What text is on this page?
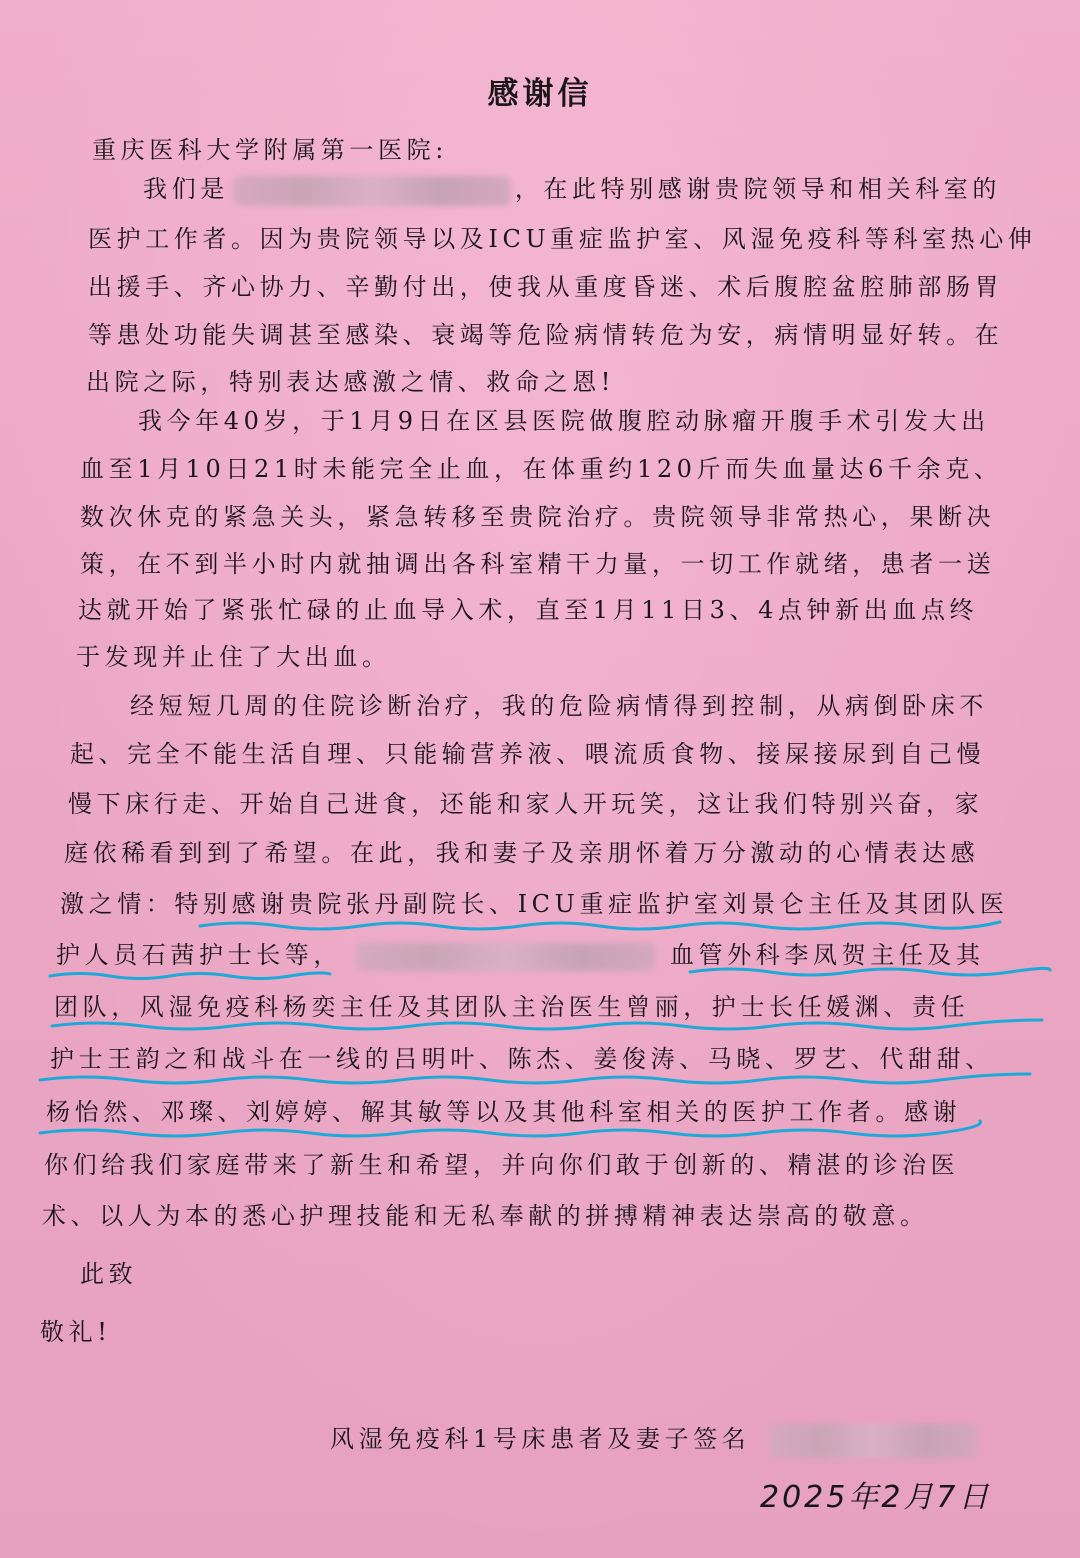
感谢信
重庆医科大学附属第一医院:
我们是	，在此特别感谢贵院领导和相关科室的
医护工作者。因为贵院领导以及ICU重症监护室、风湿免疫科等科室热心伸
出援手、齐心协力、辛勤付出，使我从重度昏迷、术后腹腔盆腔肺部肠胃
等患处功能失调甚至感染、衰竭等危险病情转危为安，病情明显好转。在
出院之际，特别表达感激之情、救命之恩!
我今年40岁，于1月9日在区县医院做腹腔动脉瘤开腹手术引发大出
血至1月10日21时未能完全止血，在体重约120斤而失血量达6千余克、
数次休克的紧急关头，紧急转移至贵院治疗。贵院领导非常热心，果断决
策，在不到半小时内就抽调出各科室精干力量，一切工作就绪，患者一送
达就开始了紧张忙碌的止血导入术，直至1月11日3、4点钟新出血点终
于发现并止住了大出血。
经短短几周的住院诊断治疗，我的危险病情得到控制，从病倒卧床不
起、完全不能生活自理、只能输营养液、喂流质食物、接屎接尿到自己慢
慢下床行走、开始自己进食，还能和家人开玩笑，这让我们特别兴奋，家
庭依稀看到到了希望。在此，我和妻子及亲朋怀着万分激动的心情表达感
激之情：特别感谢贵院张丹副院长、ICU重症监护室刘景仑主任及其团队医
护人员石茜护士长等，	血管外科李凤贺主任及其
团队，风湿免疫科杨奕主任及其团队主治医生曾丽，护士长任媛渊、责任
护士王韵之和战斗在一线的吕明叶、陈杰、姜俊涛、马晓、罗艺、代甜甜、
杨怡然、邓璨、刘婷婷、解其敏等以及其他科室相关的医护工作者。感谢
你们给我们家庭带来了新生和希望，并向你们敢于创新的、精湛的诊治医
术、以人为本的悉心护理技能和无私奉献的拼搏精神表达崇高的敬意。
此致
敬礼!
风湿免疫科1号床患者及妻子签名
2025年2月7日
